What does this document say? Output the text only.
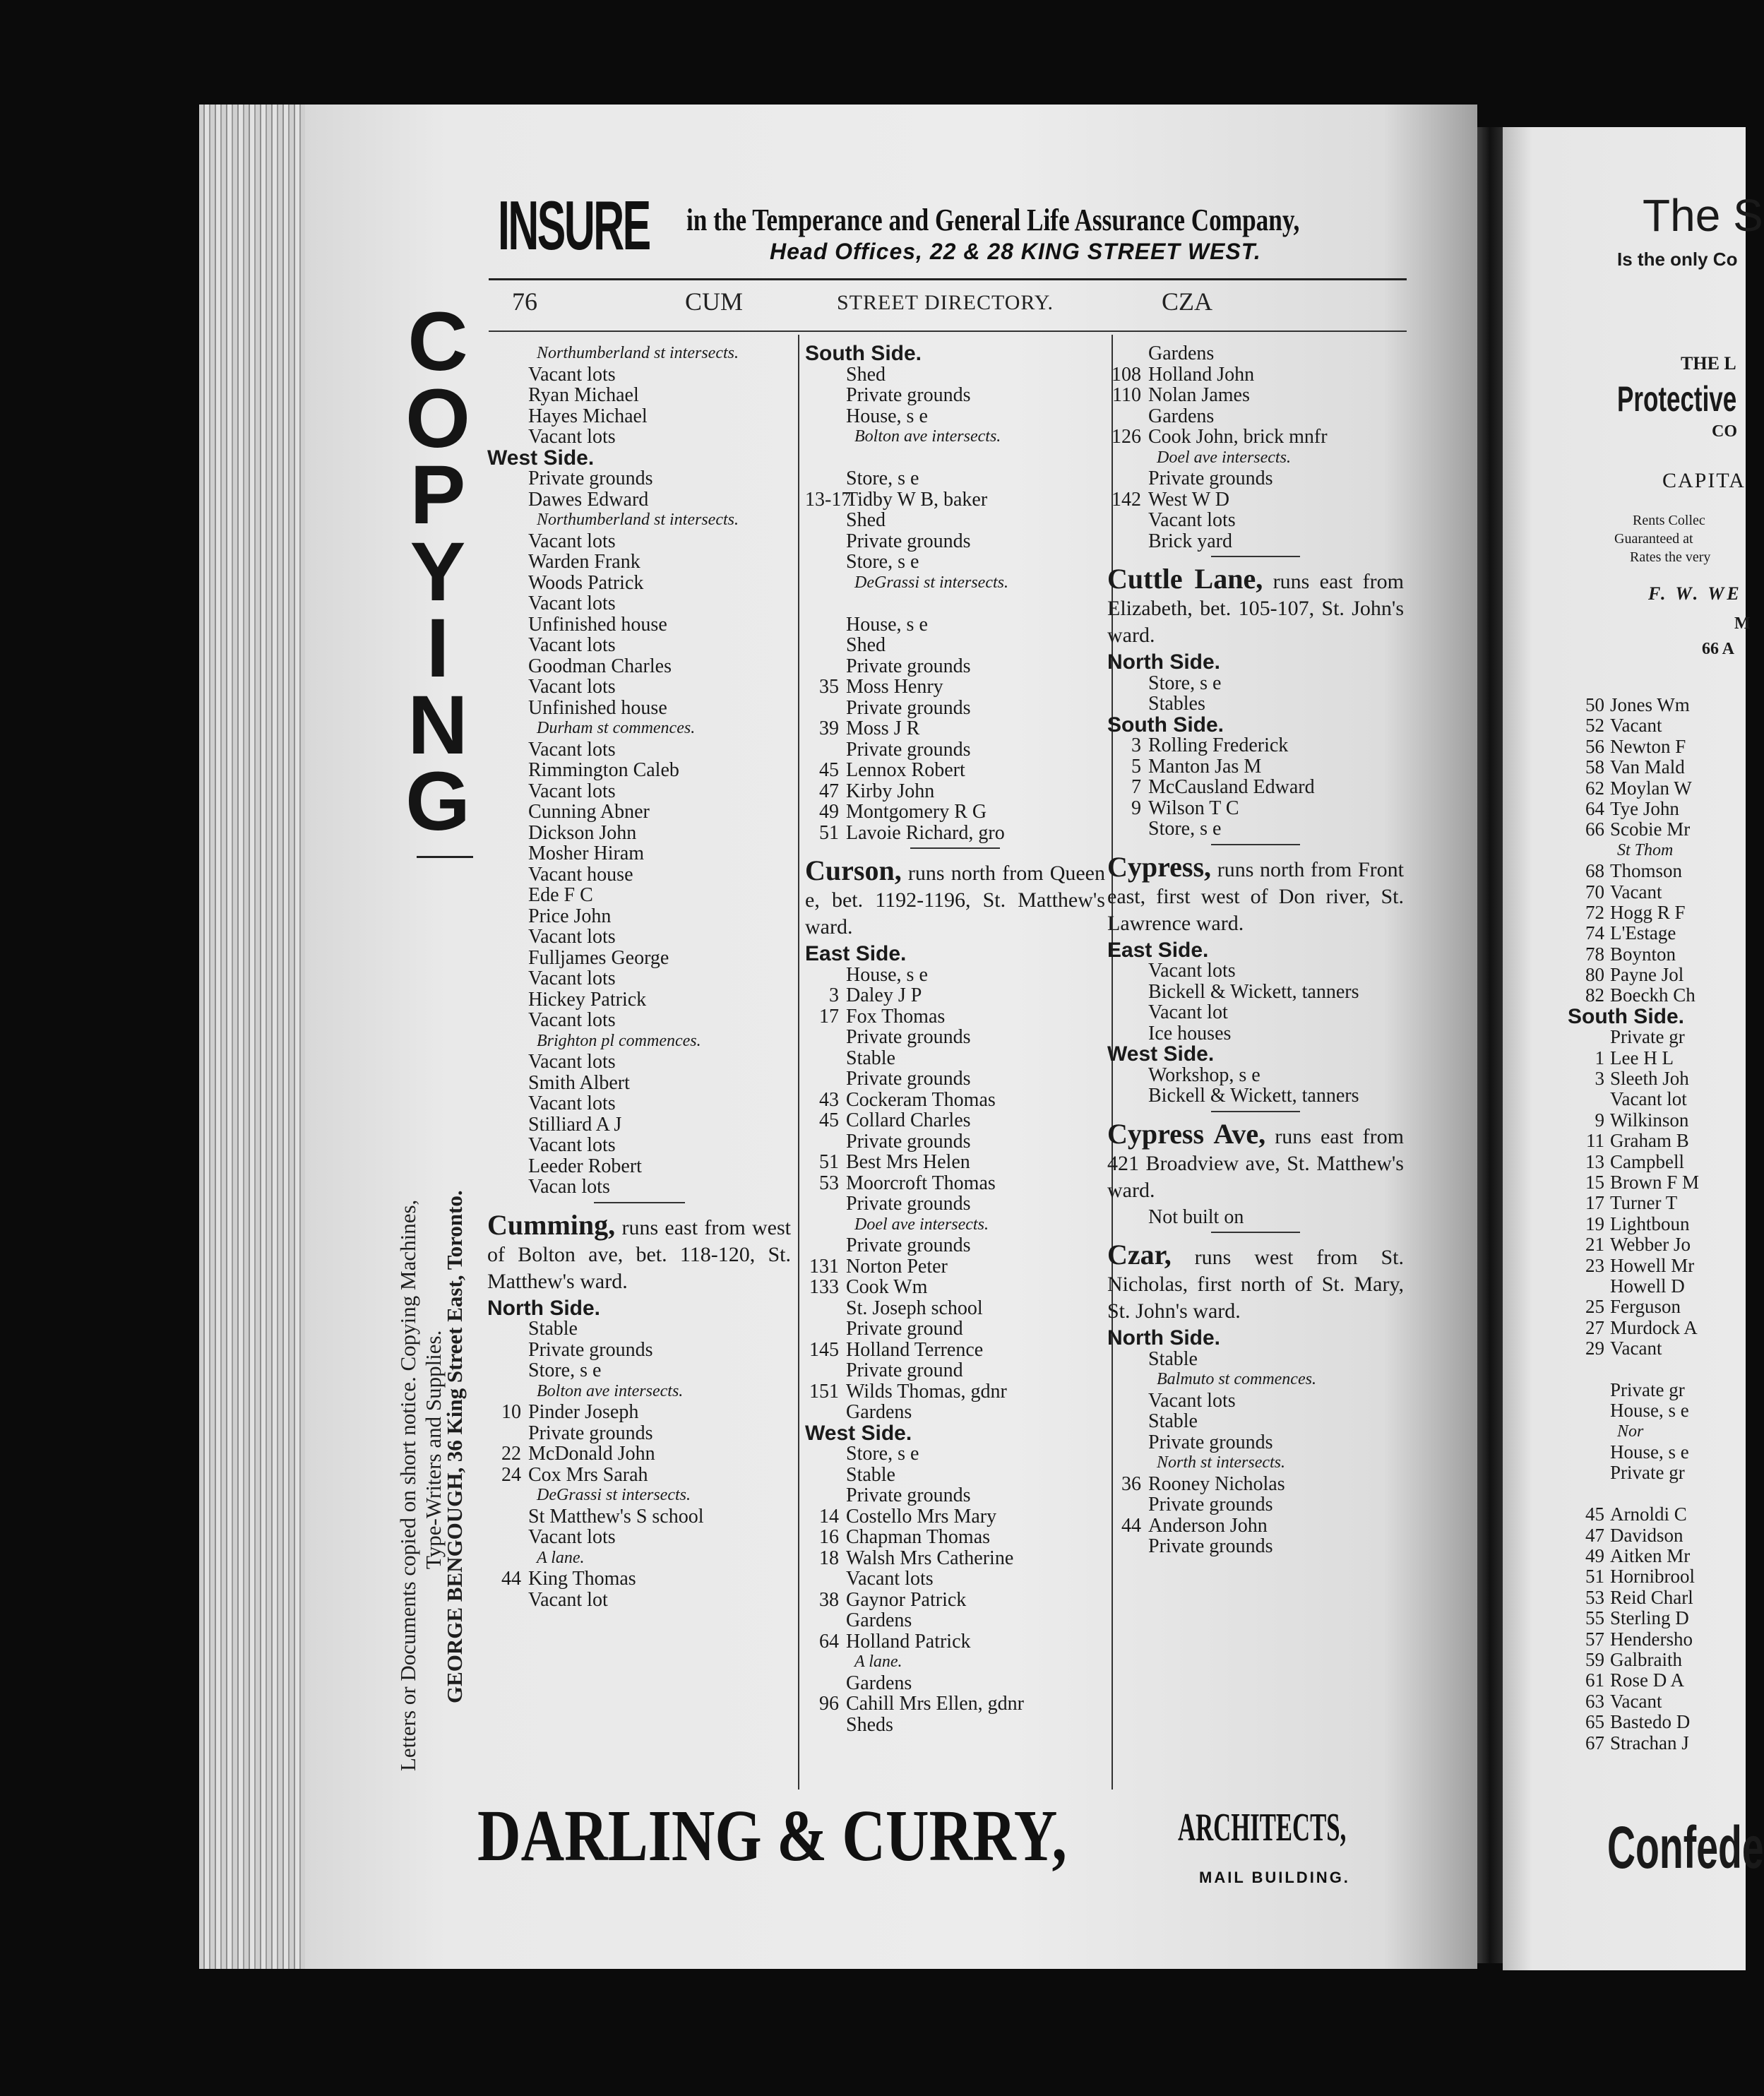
INSURE in the Temperance and General Life Assurance Company,
Head Offices, 22 & 28 KING STREET WEST.
76	CUM	STREET DIRECTORY.	CZA
C
O
P
Y
I
N
G
Letters or Documents copied on short notice. Copying Machines, Type-Writers and Supplies.
GEORGE BENGOUGH, 36 King Street East, Toronto.
Northumberland st intersects.
Vacant lots
Ryan Michael
Hayes Michael
Vacant lots
West Side.
Private grounds
Dawes Edward
Northumberland st intersects.
Vacant lots
Warden Frank
Woods Patrick
Vacant lots
Unfinished house
Vacant lots
Goodman Charles
Vacant lots
Unfinished house
Durham st commences.
Vacant lots
Rimmington Caleb
Vacant lots
Cunning Abner
Dickson John
Mosher Hiram
Vacant house
Ede F C
Price John
Vacant lots
Fulljames George
Vacant lots
Hickey Patrick
Vacant lots
Brighton pl commences.
Vacant lots
Smith Albert
Vacant lots
Stilliard A J
Vacant lots
Leeder Robert
Vacan lots
Cumming, runs east from west of Bolton ave, bet. 118-120, St. Matthew's ward.
North Side.
Stable
Private grounds
Store, s e
Bolton ave intersects.
10 Pinder Joseph
Private grounds
22 McDonald John
24 Cox Mrs Sarah
DeGrassi st intersects.
St Matthew's S school
Vacant lots
A lane.
44 King Thomas
Vacant lot
South Side.
Shed
Private grounds
House, s e
Bolton ave intersects.
Store, s e
13-17Tidby W B, baker
Shed
Private grounds
Store, s e
DeGrassi st intersects.
House, s e
Shed
Private grounds
35 Moss Henry
Private grounds
39 Moss J R
Private grounds
45 Lennox Robert
47 Kirby John
49 Montgomery R G
51 Lavoie Richard, gro
Curson, runs north from Queen e, bet. 1192-1196, St. Matthew's ward.
East Side.
House, s e
3 Daley J P
17 Fox Thomas
Private grounds
Stable
Private grounds
43 Cockeram Thomas
45 Collard Charles
Private grounds
51 Best Mrs Helen
53 Moorcroft Thomas
Private grounds
Doel ave intersects.
Private grounds
131 Norton Peter
133 Cook Wm
St. Joseph school
Private ground
145 Holland Terrence
Private ground
151 Wilds Thomas, gdnr
Gardens
West Side.
Store, s e
Stable
Private grounds
14 Costello Mrs Mary
16 Chapman Thomas
18 Walsh Mrs Catherine
Vacant lots
38 Gaynor Patrick
Gardens
64 Holland Patrick
A lane.
Gardens
96 Cahill Mrs Ellen, gdnr
Sheds
Gardens
108 Holland John
110 Nolan James
Gardens
126 Cook John, brick mnfr
Doel ave intersects.
Private grounds
142 West W D
Vacant lots
Brick yard
Cuttle Lane, runs east from Elizabeth, bet. 105-107, St. John's ward.
North Side.
Store, s e
Stables
South Side.
3 Rolling Frederick
5 Manton Jas M
7 McCausland Edward
9 Wilson T C
Store, s e
Cypress, runs north from Front east, first west of Don river, St. Lawrence ward.
East Side.
Vacant lots
Bickell & Wickett, tanners
Vacant lot
Ice houses
West Side.
Workshop, s e
Bickell & Wickett, tanners
Cypress Ave, runs east from 421 Broadview ave, St. Matthew's ward.
Not built on
Czar, runs west from St. Nicholas, first north of St. Mary, St. John's ward.
North Side.
Stable
Balmuto st commences.
Vacant lots
Stable
Private grounds
North st intersects.
36 Rooney Nicholas
Private grounds
44 Anderson John
Private grounds
DARLING & CURRY,	ARCHITECTS,
MAIL BUILDING.
The S
Is the only Co
THE L
Protective
CO
CAPITA
Rents Collec
Guaranteed at
Rates the very
F. W. WE
M
66 A
50 Jones Wm
52 Vacant
56 Newton F
58 Van Mald
62 Moylan W
64 Tye John
66 Scobie Mr
St Thom
68 Thomson
70 Vacant
72 Hogg R F
74 L'Estage
78 Boynton
80 Payne Jol
82 Boeckh Ch
South Side.
Private gr
1 Lee H L
3 Sleeth Joh
Vacant lot
9 Wilkinson
11 Graham B
13 Campbell
15 Brown F M
17 Turner T
19 Lightboun
21 Webber Jo
23 Howell Mr
Howell D
25 Ferguson
27 Murdock A
29 Vacant
Private gr
House, s e
Nor
House, s e
Private gr
45 Arnoldi C
47 Davidson
49 Aitken Mr
51 Hornibrool
53 Reid Charl
55 Sterling D
57 Hendersho
59 Galbraith
61 Rose D A
63 Vacant
65 Bastedo D
67 Strachan J
Confede
